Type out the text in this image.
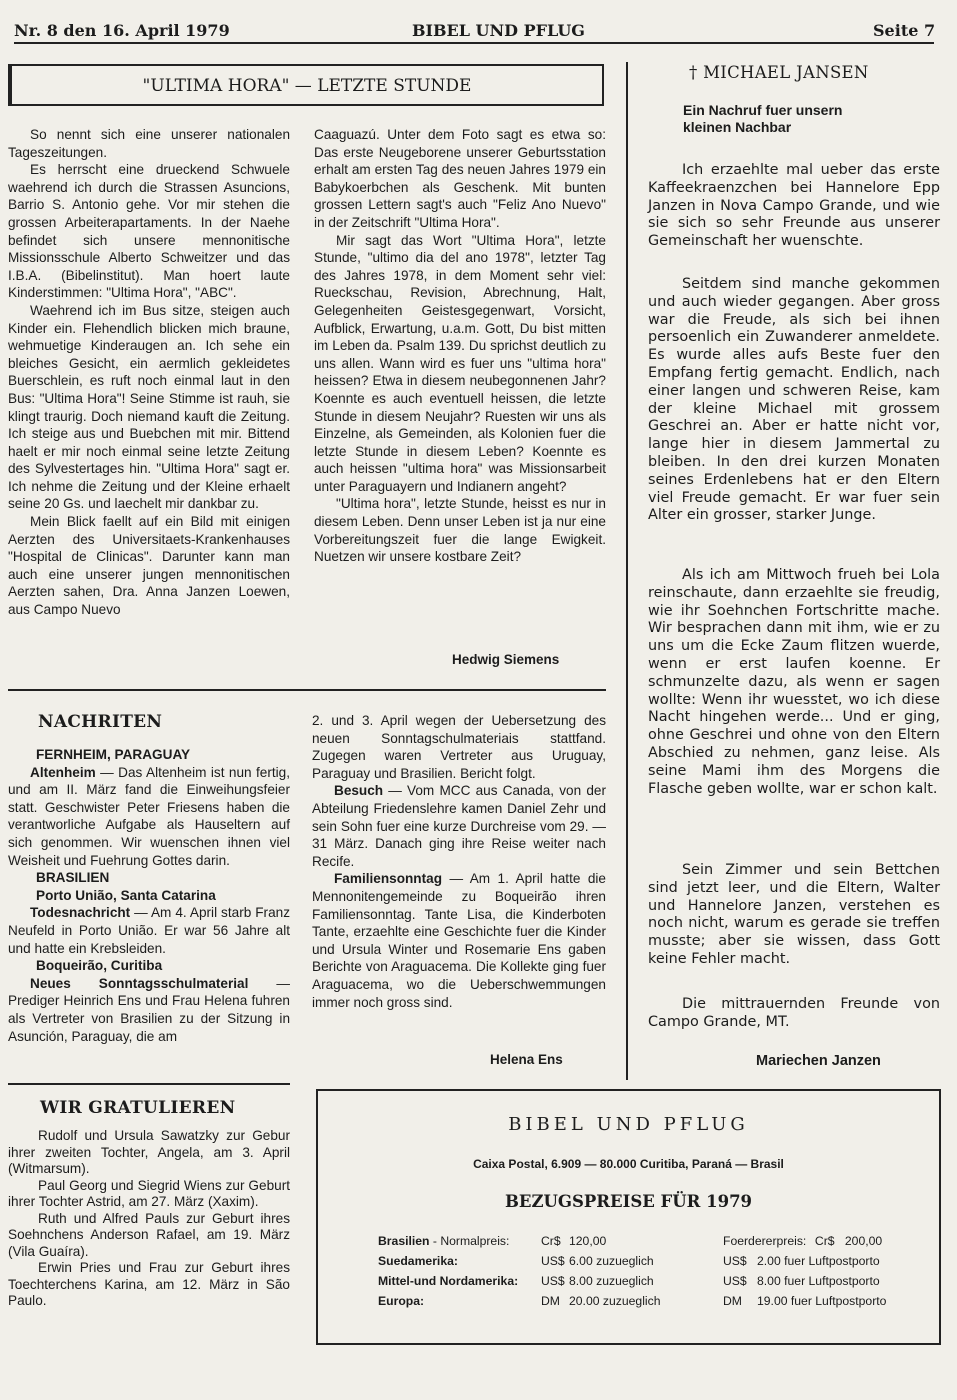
Nr. 8 den 16. April 1979	BIBEL UND PFLUG	Seite 7
"ULTIMA HORA" — LETZTE STUNDE

So nennt sich eine unserer nationalen Tageszeitungen.

Es herrscht eine drueckend Schwuele waehrend ich durch die Strassen Asuncions, Barrio S. Antonio gehe. Vor mir stehen die grossen Arbeiterapartaments. In der Naehe befindet sich unsere mennonitische Missionsschule Alberto Schweitzer und das I.B.A. (Bibelinstitut). Man hoert laute Kinderstimmen: "Ultima Hora", "ABC".

Waehrend ich im Bus sitze, steigen auch Kinder ein. Flehendlich blicken mich braune, wehmuetige Kinderaugen an. Ich sehe ein bleiches Gesicht, ein aermlich gekleidetes Buerschlein, es ruft noch einmal laut in den Bus: "Ultima Hora"! Seine Stimme ist rauh, sie klingt traurig. Doch niemand kauft die Zeitung. Ich steige aus und Buebchen mit mir. Bittend haelt er mir noch einmal seine letzte Zeitung des Sylvestertages hin. "Ultima Hora" sagt er. Ich nehme die Zeitung und der Kleine erhaelt seine 20 Gs. und laechelt mir dankbar zu.

Mein Blick faellt auf ein Bild mit einigen Aerzten des Universitaets-Krankenhauses "Hospital de Clinicas". Darunter kann man auch eine unserer jungen mennonitischen Aerzten sahen, Dra. Anna Janzen Loewen, aus Campo Nuevo

Caaguazú. Unter dem Foto sagt es etwa so: Das erste Neugeborene unserer Geburtsstation erhalt am ersten Tag des neuen Jahres 1979 ein Babykoerbchen als Geschenk. Mit bunten grossen Lettern sagt's auch "Feliz Ano Nuevo" in der Zeitschrift "Ultima Hora".

Mir sagt das Wort "Ultima Hora", letzte Stunde, "ultimo dia del ano 1978", letzter Tag des Jahres 1978, in dem Moment sehr viel: Rueckschau, Revision, Abrechnung, Halt, Gelegenheiten Geistesgegenwart, Vorsicht, Aufblick, Erwartung, u.a.m. Gott, Du bist mitten im Leben da. Psalm 139. Du sprichst deutlich zu uns allen. Wann wird es fuer uns "ultima hora" heissen? Etwa in diesem neubegonnenen Jahr? Koennte es auch eventuell heissen, die letzte Stunde in diesem Neujahr? Ruesten wir uns als Einzelne, als Gemeinden, als Kolonien fuer die letzte Stunde in diesem Leben? Koennte es auch heissen "ultima hora" was Missionsarbeit unter Paraguayern und Indianern angeht?

"Ultima hora", letzte Stunde, heisst es nur in diesem Leben. Denn unser Leben ist ja nur eine Vorbereitungszeit fuer die lange Ewigkeit. Nuetzen wir unsere kostbare Zeit?

Hedwig Siemens
NACHRITEN

FERNHEIM, PARAGUAY

Altenheim — Das Altenheim ist nun fertig, und am II. März fand die Einweihungsfeier statt. Geschwister Peter Friesens haben die verantworliche Aufgabe als Hauseltern auf sich genommen. Wir wuenschen ihnen viel Weisheit und Fuehrung Gottes darin.

BRASILIEN

Porto União, Santa Catarina

Todesnachricht — Am 4. April starb Franz Neufeld in Porto União. Er war 56 Jahre alt und hatte ein Krebsleiden.

Boqueirão, Curitiba

Neues Sonntagsschulmaterial — Prediger Heinrich Ens und Frau Helena fuhren als Vertreter von Brasilien zu der Sitzung in Asunción, Paraguay, die am

2. und 3. April wegen der Uebersetzung des neuen Sonntagschulmateriais stattfand. Zugegen waren Vertreter aus Uruguay, Paraguay und Brasilien. Bericht folgt.

Besuch — Vom MCC aus Canada, von der Abteilung Friedenslehre kamen Daniel Zehr und sein Sohn fuer eine kurze Durchreise vom 29. — 31 März. Danach ging ihre Reise weiter nach Recife.

Familiensonntag — Am 1. April hatte die Mennonitengemeinde zu Boqueirão ihren Familiensonntag. Tante Lisa, die Kinderboten Tante, erzaehlte eine Geschichte fuer die Kinder und Ursula Winter und Rosemarie Ens gaben Berichte von Araguacema. Die Kollekte ging fuer Araguacema, wo die Ueberschwemmungen immer noch gross sind.

Helena Ens
WIR GRATULIEREN

Rudolf und Ursula Sawatzky zur Gebur ihrer zweiten Tochter, Angela, am 3. April (Witmarsum).

Paul Georg und Siegrid Wiens zur Geburt ihrer Tochter Astrid, am 27. März (Xaxim).

Ruth und Alfred Pauls zur Geburt ihres Soehnchens Anderson Rafael, am 19. März (Vila Guaíra).

Erwin Pries und Frau zur Geburt ihres Toechterchens Karina, am 12. März in São Paulo.

† MICHAEL JANSEN
Ein Nachruf fuer unsern
kleinen Nachbar

Ich erzaehlte mal ueber das erste Kaffeekraenzchen bei Hannelore Epp Janzen in Nova Campo Grande, und wie sie sich so sehr Freunde aus unserer Gemeinschaft her wuenschte.

Seitdem sind manche gekommen und auch wieder gegangen. Aber gross war die Freude, als sich bei ihnen persoenlich ein Zuwanderer anmeldete. Es wurde alles aufs Beste fuer den Empfang fertig gemacht. Endlich, nach einer langen und schweren Reise, kam der kleine Michael mit grossem Geschrei an. Aber er hatte nicht vor, lange hier in diesem Jammertal zu bleiben. In den drei kurzen Monaten seines Erdenlebens hat er den Eltern viel Freude gemacht. Er war fuer sein Alter ein grosser, starker Junge.

Als ich am Mittwoch frueh bei Lola reinschaute, dann erzaehlte sie freudig, wie ihr Soehnchen Fortschritte mache. Wir besprachen dann mit ihm, wie er zu uns um die Ecke Zaum flitzen wuerde, wenn er erst laufen koenne. Er schmunzelte dazu, als wenn er sagen wollte: Wenn ihr wuesstet, wo ich diese Nacht hingehen werde... Und er ging, ohne Geschrei und ohne von den Eltern Abschied zu nehmen, ganz leise. Als seine Mami ihm des Morgens die Flasche geben wollte, war er schon kalt.

Sein Zimmer und sein Bettchen sind jetzt leer, und die Eltern, Walter und Hannelore Janzen, verstehen es noch nicht, warum es gerade sie treffen musste; aber sie wissen, dass Gott keine Fehler macht.

Die mittrauernden Freunde von Campo Grande, MT.

Mariechen Janzen
BIBEL UND PFLUG
Caixa Postal, 6.909 — 80.000 Curitiba, Paraná — Brasil
BEZUGSPREISE FÜR 1979
Brasilien - Normalpreis:	Cr$	120,00	Foerdererpreis:		Cr$	200,00
Suedamerika:	US$	6.00 zuzueglich	US$	2.00 fuer Luftpostporto		
Mittel-und Nordamerika:	US$	8.00 zuzueglich	US$	8.00 fuer Luftpostporto		
Europa:	DM	20.00 zuzueglich	DM	19.00 fuer Luftpostporto		
